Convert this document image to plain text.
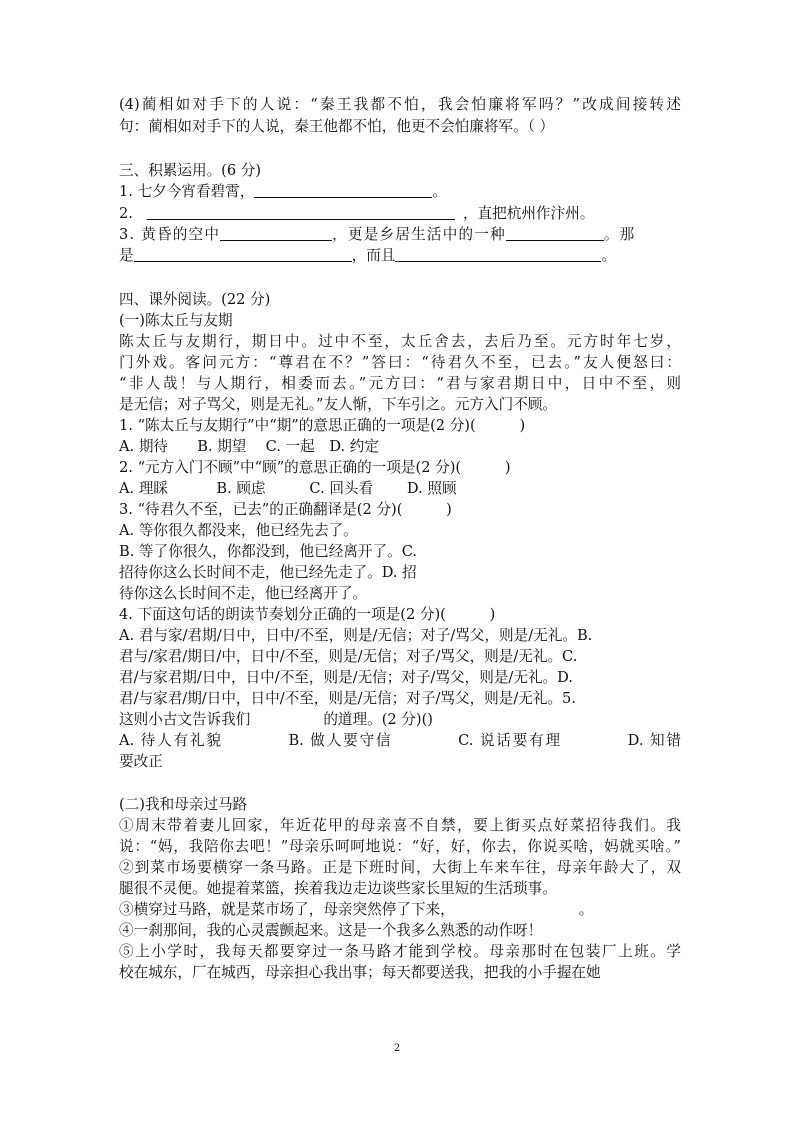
(4)蔺相如对手下的人说：“秦王我都不怕，我会怕廉将军吗？”改成间接转述
句：蔺相如对手下的人说，秦王他都不怕，他更不会怕廉将军。（ ）
三、积累运用。(6 分)
1. 七夕今宵看碧霄，	。
2.	，直把杭州作汴州。
3. 黄昏的空中	，更是乡居生活中的一种	。那
是	，而且	。
四、课外阅读。(22 分)
(一)陈太丘与友期
陈太丘与友期行，期日中。过中不至，太丘舍去，去后乃至。元方时年七岁，
门外戏。客问元方：“尊君在不？”答曰：“待君久不至，已去。”友人便怒曰：
“非人哉！与人期行，相委而去。”元方曰：“君与家君期日中，日中不至，则
是无信；对子骂父，则是无礼。”友人惭，下车引之。元方入门不顾。
1. “陈太丘与友期行”中“期”的意思正确的一项是(2 分)(　　　)
A. 期待　　B. 期望　 C. 一起　D. 约定
2. “元方入门不顾”中“顾”的意思正确的一项是(2 分)(　　　)
A. 理睬　　　 B. 顾虑　　　C. 回头看　　 D. 照顾
3. “待君久不至，已去”的正确翻译是(2 分)(　　　)
A. 等你很久都没来，他已经先去了。
B. 等了你很久，你都没到，他已经离开了。C.
招待你这么长时间不走，他已经先走了。D. 招
待你这么长时间不走，他已经离开了。
4. 下面这句话的朗读节奏划分正确的一项是(2 分)(　　　)
A. 君与家/君期/日中，日中/不至，则是/无信；对子/骂父，则是/无礼。B.
君与/家君/期日/中，日中/不至，则是/无信；对子/骂父，则是/无礼。C.
君/与家君期/日中，日中/不至，则是/无信；对子/骂父，则是/无礼。D.
君/与家君/期/日中，日中/不至，则是/无信；对子/骂父，则是/无礼。5.
这则小古文告诉我们　　　　　的道理。(2 分)()
A. 待人有礼貌　　　　B. 做人要守信　　　　C. 说话要有理　　　　D. 知错
要改正
(二)我和母亲过马路
①周末带着妻儿回家，年近花甲的母亲喜不自禁，要上街买点好菜招待我们。我
说：“妈，我陪你去吧！”母亲乐呵呵地说：“好，好，你去，你说买啥，妈就买啥。”
②到菜市场要横穿一条马路。正是下班时间，大街上车来车往，母亲年龄大了，双
腿很不灵便。她提着菜篮，挨着我边走边谈些家长里短的生活琐事。
③横穿过马路，就是菜市场了，母亲突然停了下来，　　　　　　　　　。
④一刹那间，我的心灵震颤起来。这是一个我多么熟悉的动作呀！
⑤上小学时，我每天都要穿过一条马路才能到学校。母亲那时在包装厂上班。学
校在城东，厂在城西，母亲担心我出事；每天都要送我，把我的小手握在她
2
